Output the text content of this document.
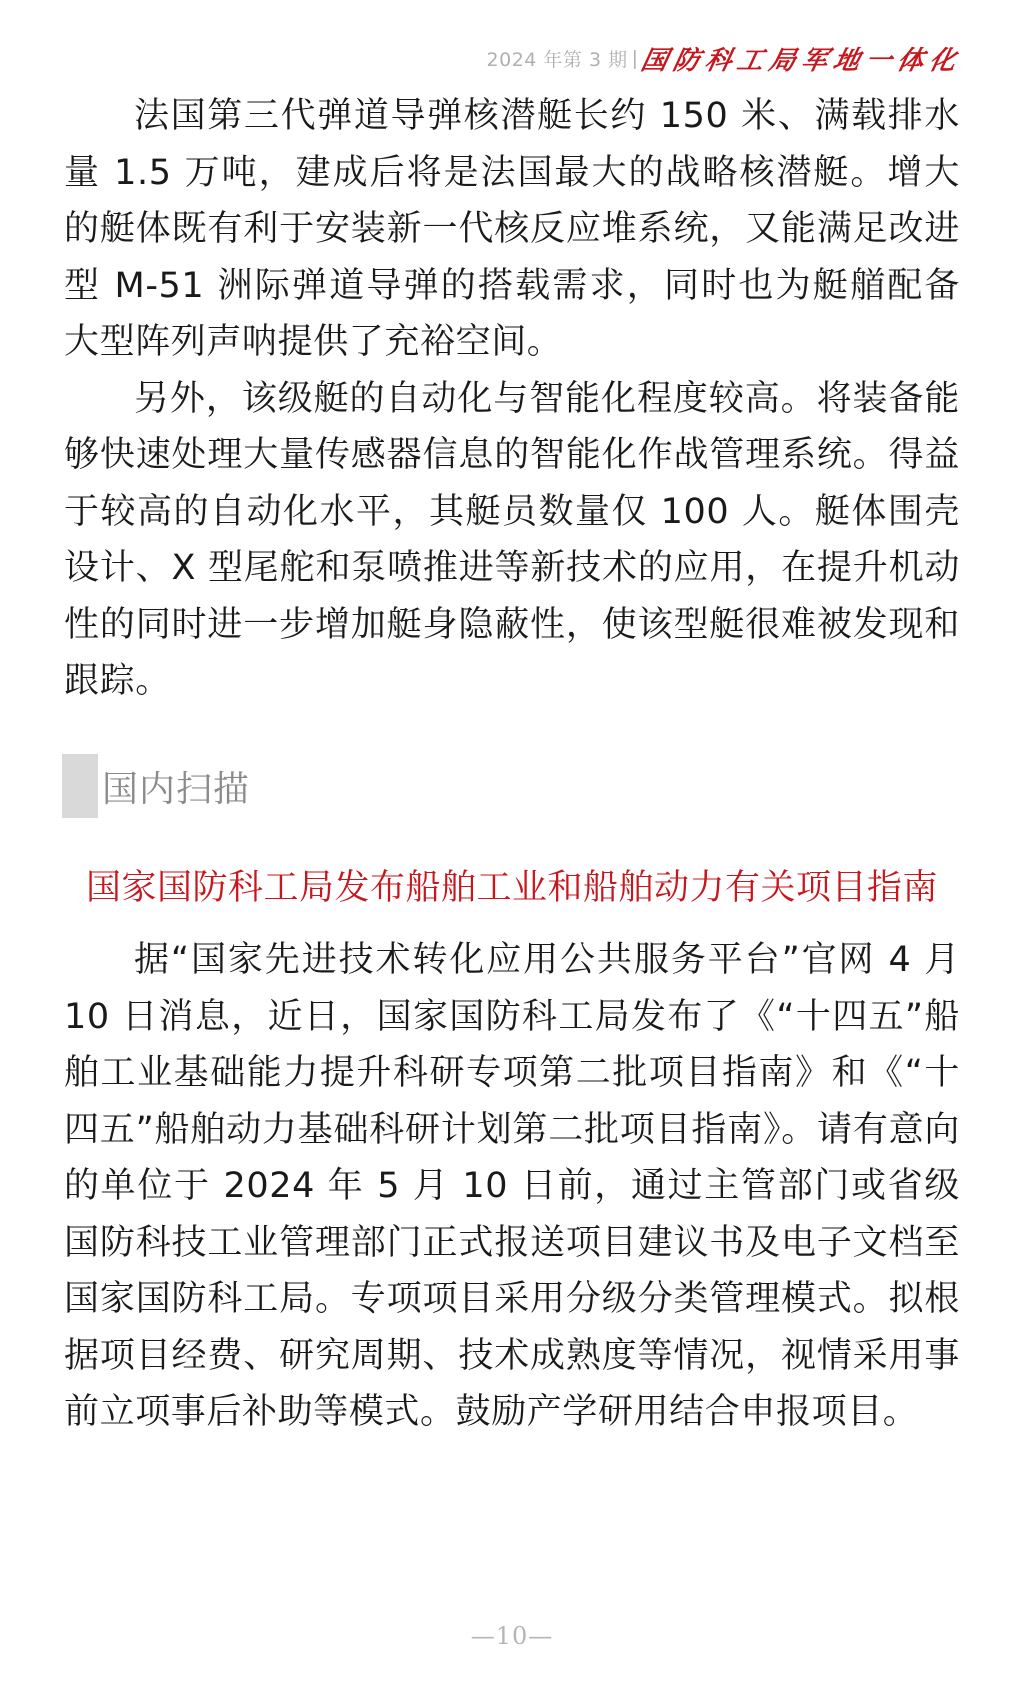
2024 年第 3 期 | 国防科工局军地一体化

法国第三代弹道导弹核潜艇长约 150 米、满载排水量 1.5 万吨，建成后将是法国最大的战略核潜艇。增大的艇体既有利于安装新一代核反应堆系统，又能满足改进型 M-51 洲际弹道导弹的搭载需求，同时也为艇艏配备大型阵列声呐提供了充裕空间。

另外，该级艇的自动化与智能化程度较高。将装备能够快速处理大量传感器信息的智能化作战管理系统。得益于较高的自动化水平，其艇员数量仅 100 人。艇体围壳设计、X 型尾舵和泵喷推进等新技术的应用，在提升机动性的同时进一步增加艇身隐蔽性，使该型艇很难被发现和跟踪。

国内扫描
国家国防科工局发布船舶工业和船舶动力有关项目指南

据“国家先进技术转化应用公共服务平台”官网 4 月 10 日消息，近日，国家国防科工局发布了《“十四五”船舶工业基础能力提升科研专项第二批项目指南》和《“十四五”船舶动力基础科研计划第二批项目指南》。请有意向的单位于 2024 年 5 月 10 日前，通过主管部门或省级国防科技工业管理部门正式报送项目建议书及电子文档至国家国防科工局。专项项目采用分级分类管理模式。拟根据项目经费、研究周期、技术成熟度等情况，视情采用事前立项事后补助等模式。鼓励产学研用结合申报项目。

—10—
